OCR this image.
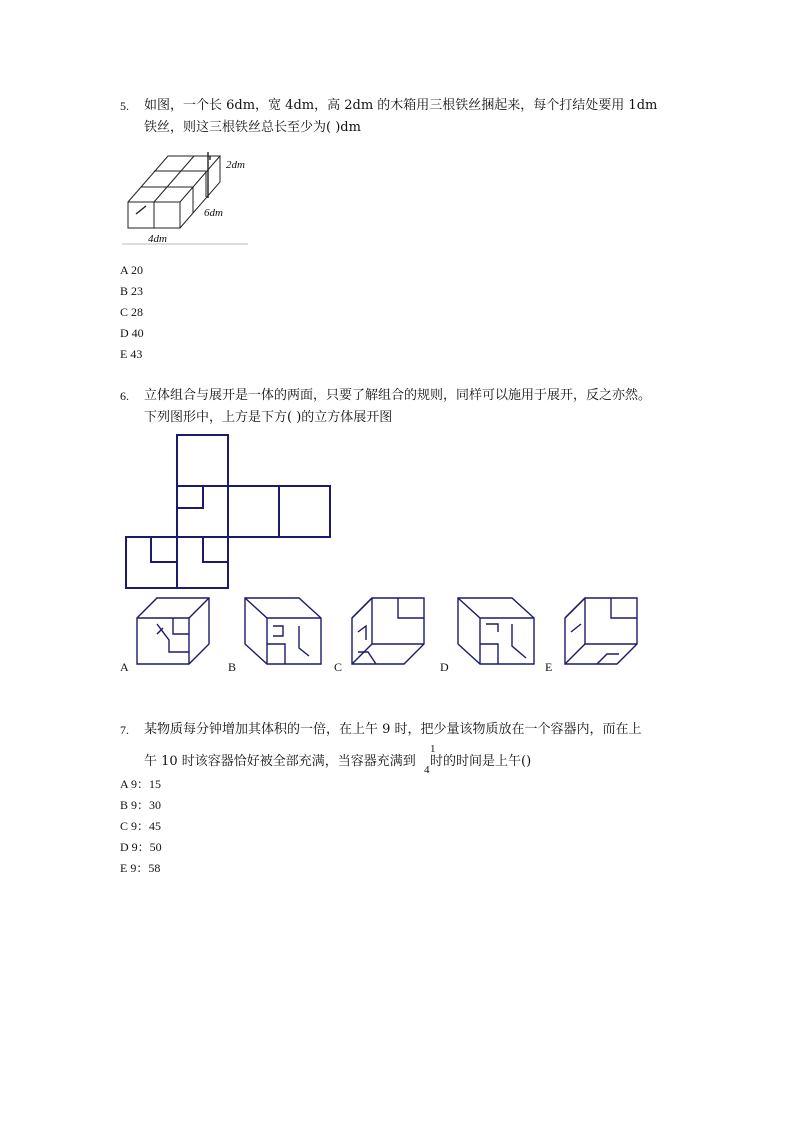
5. 如图，一个长 6dm，宽 4dm，高 2dm 的木箱用三根铁丝捆起来，每个打结处要用 1dm
铁丝，则这三根铁丝总长至少为( )dm
2dm
6dm
4dm
A 20
B 23
C 28
D 40
E 43
6. 立体组合与展开是一体的两面，只要了解组合的规则，同样可以施用于展开，反之亦然。
下列图形中，上方是下方( )的立方体展开图
A	B	C	D	E
7. 某物质每分钟增加其体积的一倍，在上午 9 时，把少量该物质放在一个容器内，而在上
午 10 时该容器恰好被全部充满，当容器充满到
1
4
时的时间是上午()
A 9：15
B 9：30
C 9：45
D 9：50
E 9：58
